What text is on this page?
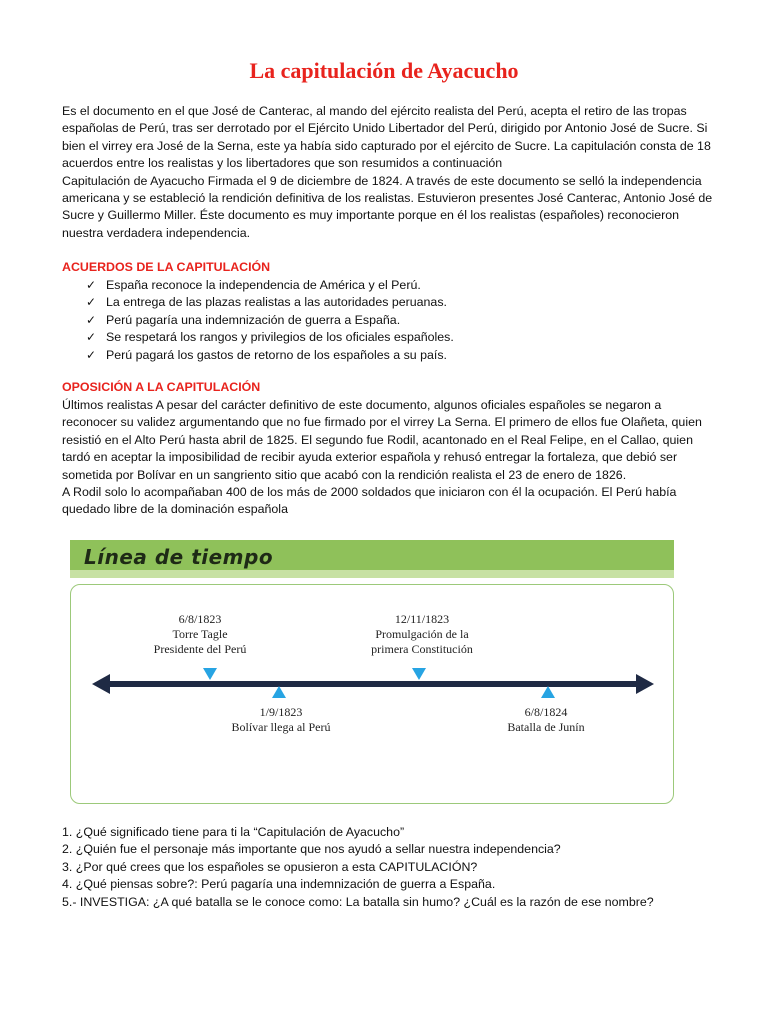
La capitulación de Ayacucho

Es el documento en el que José de Canterac, al mando del ejército realista del Perú, acepta el retiro de las tropas

españolas de Perú, tras ser derrotado por el Ejército Unido Libertador del Perú, dirigido por Antonio José de Sucre. Si

bien el virrey era José de la Serna, este ya había sido capturado por el ejército de Sucre. La capitulación consta de 18

acuerdos entre los realistas y los libertadores que son resumidos a continuación

Capitulación de Ayacucho Firmada el 9 de diciembre de 1824. A través de este documento se selló la independencia

americana y se estableció la rendición definitiva de los realistas. Estuvieron presentes José Canterac, Antonio José de

Sucre y Guillermo Miller. Éste documento es muy importante porque en él los realistas (españoles) reconocieron

nuestra verdadera independencia.

ACUERDOS DE LA CAPITULACIÓN
✓ España reconoce la independencia de América y el Perú.
✓ La entrega de las plazas realistas a las autoridades peruanas.
✓ Perú pagaría una indemnización de guerra a España.
✓ Se respetará los rangos y privilegios de los oficiales españoles.
✓ Perú pagará los gastos de retorno de los españoles a su país.
OPOSICIÓN A LA CAPITULACIÓN

Últimos realistas A pesar del carácter definitivo de este documento, algunos oficiales españoles se negaron a

reconocer su validez argumentando que no fue firmado por el virrey La Serna. El primero de ellos fue Olañeta, quien

resistió en el Alto Perú hasta abril de 1825. El segundo fue Rodil, acantonado en el Real Felipe, en el Callao, quien

tardó en aceptar la imposibilidad de recibir ayuda exterior española y rehusó entregar la fortaleza, que debió ser

sometida por Bolívar en un sangriento sitio que acabó con la rendición realista el 23 de enero de 1826.

A Rodil solo lo acompañaban 400 de los más de 2000 soldados que iniciaron con él la ocupación. El Perú había

quedado libre de la dominación española

Línea de tiempo
6/8/1823
Torre Tagle
Presidente del Perú
12/11/1823
Promulgación de la
primera Constitución
1/9/1823
Bolívar llega al Perú
6/8/1824
Batalla de Junín

1. ¿Qué significado tiene para ti la “Capitulación de Ayacucho”

2. ¿Quién fue el personaje más importante que nos ayudó a sellar nuestra independencia?

3. ¿Por qué crees que los españoles se opusieron a esta CAPITULACIÓN?

4. ¿Qué piensas sobre?: Perú pagaría una indemnización de guerra a España.

5.- INVESTIGA: ¿A qué batalla se le conoce como: La batalla sin humo? ¿Cuál es la razón de ese nombre?
